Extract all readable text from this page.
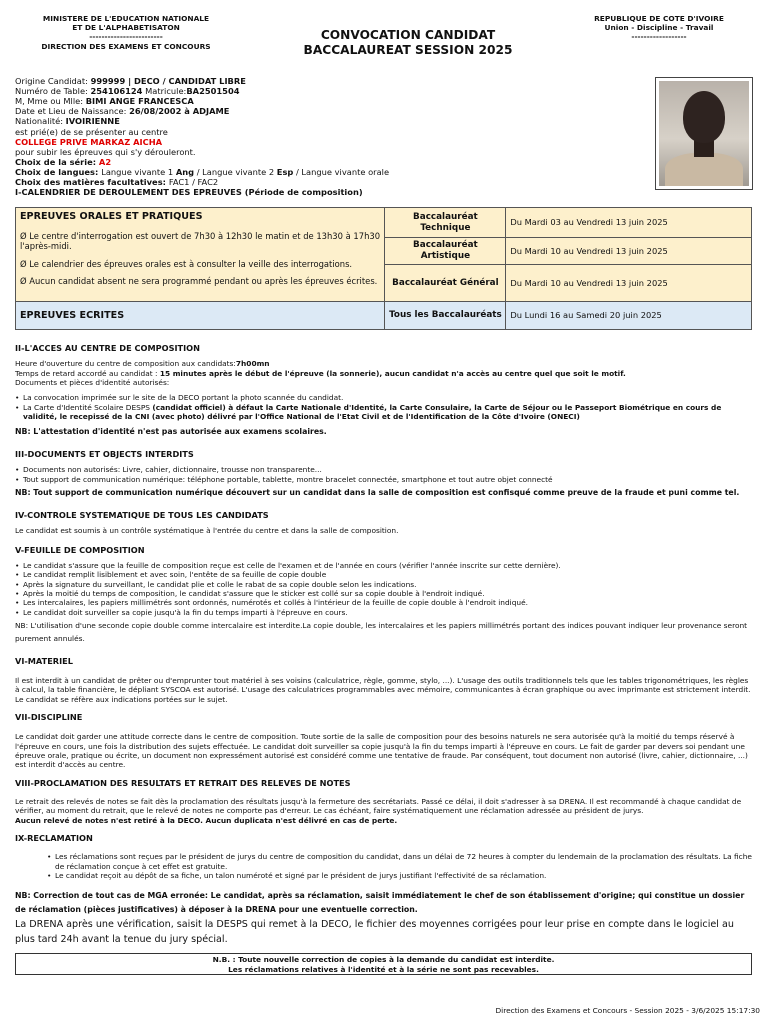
MINISTERE DE L'EDUCATION NATIONALE
ET DE L'ALPHABETISATON
------------------------
DIRECTION DES EXAMENS ET CONCOURS
CONVOCATION CANDIDAT
BACCALAUREAT SESSION 2025
REPUBLIQUE DE COTE D'IVOIRE
Union - Discipline - Travail
------------------
Origine Candidat: 999999 | DECO / CANDIDAT LIBRE
Numéro de Table: 254106124 Matricule:BA2501504
M, Mme ou Mlle: BIMI ANGE FRANCESCA
Date et Lieu de Naissance: 26/08/2002 à ADJAME
Nationalité: IVOIRIENNE
est prié(e) de se présenter au centre
COLLEGE PRIVE MARKAZ AICHA
pour subir les épreuves qui s'y dérouleront.
Choix de la série: A2
Choix de langues: Langue vivante 1 Ang / Langue vivante 2 Esp / Langue vivante orale
Choix des matières facultatives: FAC1 / FAC2
I-CALENDRIER DE DEROULEMENT DES EPREUVES (Période de composition)
EPREUVES ORALES ET PRATIQUES
Ø Le centre d'interrogation est ouvert de 7h30 à 12h30 le matin et de 13h30 à 17h30 l'après-midi.
Ø Le calendrier des épreuves orales est à consulter la veille des interrogations.
Ø Aucun candidat absent ne sera programmé pendant ou après les épreuves écrites.	Baccalauréat Technique	Du Mardi 03 au Vendredi 13 juin 2025
	Baccalauréat Artistique	Du Mardi 10 au Vendredi 13 juin 2025
	Baccalauréat Général	Du Mardi 10 au Vendredi 13 juin 2025
EPREUVES ECRITES	Tous les Baccalauréats	Du Lundi 16 au Samedi 20 juin 2025
II-L'ACCES AU CENTRE DE COMPOSITION
Heure d'ouverture du centre de composition aux candidats:7h00mn
Temps de retard accordé au candidat : 15 minutes après le début de l'épreuve (la sonnerie), aucun candidat n'a accès au centre quel que soit le motif.
Documents et pièces d'identité autorisés:
• La convocation imprimée sur le site de la DECO portant la photo scannée du candidat.
• La Carte d'Identité Scolaire DESPS (candidat officiel) à défaut la Carte Nationale d'Identité, la Carte Consulaire, la Carte de Séjour ou le Passeport Biométrique en cours de validité, le recepissé de la CNI (avec photo) délivré par l'Office National de l'Etat Civil et de l'Identification de la Côte d'Ivoire (ONECI)
NB: L'attestation d'identité n'est pas autorisée aux examens scolaires.
III-DOCUMENTS ET OBJECTS INTERDITS
• Documents non autorisés: Livre, cahier, dictionnaire, trousse non transparente...
• Tout support de communication numérique: téléphone portable, tablette, montre bracelet connectée, smartphone et tout autre objet connecté
NB: Tout support de communication numérique découvert sur un candidat dans la salle de composition est confisqué comme preuve de la fraude et puni comme tel.
IV-CONTROLE SYSTEMATIQUE DE TOUS LES CANDIDATS
Le candidat est soumis à un contrôle systématique à l'entrée du centre et dans la salle de composition.
V-FEUILLE DE COMPOSITION
• Le candidat s'assure que la feuille de composition reçue est celle de l'examen et de l'année en cours (vérifier l'année inscrite sur cette dernière).
• Le candidat remplit lisiblement et avec soin, l'entête de sa feuille de copie double
• Après la signature du surveillant, le candidat plie et colle le rabat de sa copie double selon les indications.
• Après la moitié du temps de composition, le candidat s'assure que le sticker est collé sur sa copie double à l'endroit indiqué.
• Les intercalaires, les papiers millimétrés sont ordonnés, numérotés et collés à l'intérieur de la feuille de copie double à l'endroit indiqué.
• Le candidat doit surveiller sa copie jusqu'à la fin du temps imparti à l'épreuve en cours.
NB: L'utilisation d'une seconde copie double comme intercalaire est interdite.La copie double, les intercalaires et les papiers millimétrés portant des indices pouvant indiquer leur provenance seront purement annulés.
VI-MATERIEL
Il est interdit à un candidat de prêter ou d'emprunter tout matériel à ses voisins (calculatrice, règle, gomme, stylo, ...). L'usage des outils traditionnels tels que les tables trigonométriques, les règles à calcul, la table financière, le dépliant SYSCOA est autorisé. L'usage des calculatrices programmables avec mémoire, communicantes à écran graphique ou avec imprimante est strictement interdit. Le candidat se réfère aux indications portées sur le sujet.
VII-DISCIPLINE
Le candidat doit garder une attitude correcte dans le centre de composition. Toute sortie de la salle de composition pour des besoins naturels ne sera autorisée qu'à la moitié du temps réservé à l'épreuve en cours, une fois la distribution des sujets effectuée. Le candidat doit surveiller sa copie jusqu'à la fin du temps imparti à l'épreuve en cours. Le fait de garder par devers soi pendant une épreuve orale, pratique ou écrite, un document non expressément autorisé est considéré comme une tentative de fraude. Par conséquent, tout document non autorisé (livre, cahier, dictionnaire, ...) est interdit d'accès au centre.
VIII-PROCLAMATION DES RESULTATS ET RETRAIT DES RELEVES DE NOTES
Le retrait des relevés de notes se fait dès la proclamation des résultats jusqu'à la fermeture des secrétariats. Passé ce délai, il doit s'adresser à sa DRENA. Il est recommandé à chaque candidat de vérifier, au moment du retrait, que le relevé de notes ne comporte pas d'erreur. Le cas échéant, faire systématiquement une réclamation adressée au président de jurys.
Aucun relevé de notes n'est retiré à la DECO. Aucun duplicata n'est délivré en cas de perte.
IX-RECLAMATION
• Les réclamations sont reçues par le président de jurys du centre de composition du candidat, dans un délai de 72 heures à compter du lendemain de la proclamation des résultats. La fiche de réclamation conçue à cet effet est gratuite.
• Le candidat reçoit au dépôt de sa fiche, un talon numéroté et signé par le président de jurys justifiant l'effectivité de sa réclamation.
NB: Correction de tout cas de MGA erronée: Le candidat, après sa réclamation, saisit immédiatement le chef de son établissement d'origine; qui constitue un dossier de réclamation (pièces justificatives) à déposer à la DRENA pour une eventuelle correction.
La DRENA après une vérification, saisit la DESPS qui remet à la DECO, le fichier des moyennes corrigées pour leur prise en compte dans le logiciel au plus tard 24h avant la tenue du jury spécial.
N.B. : Toute nouvelle correction de copies à la demande du candidat est interdite.
Les réclamations relatives à l'identité et à la série ne sont pas recevables.
Direction des Examens et Concours - Session 2025 - 3/6/2025 15:17:30
